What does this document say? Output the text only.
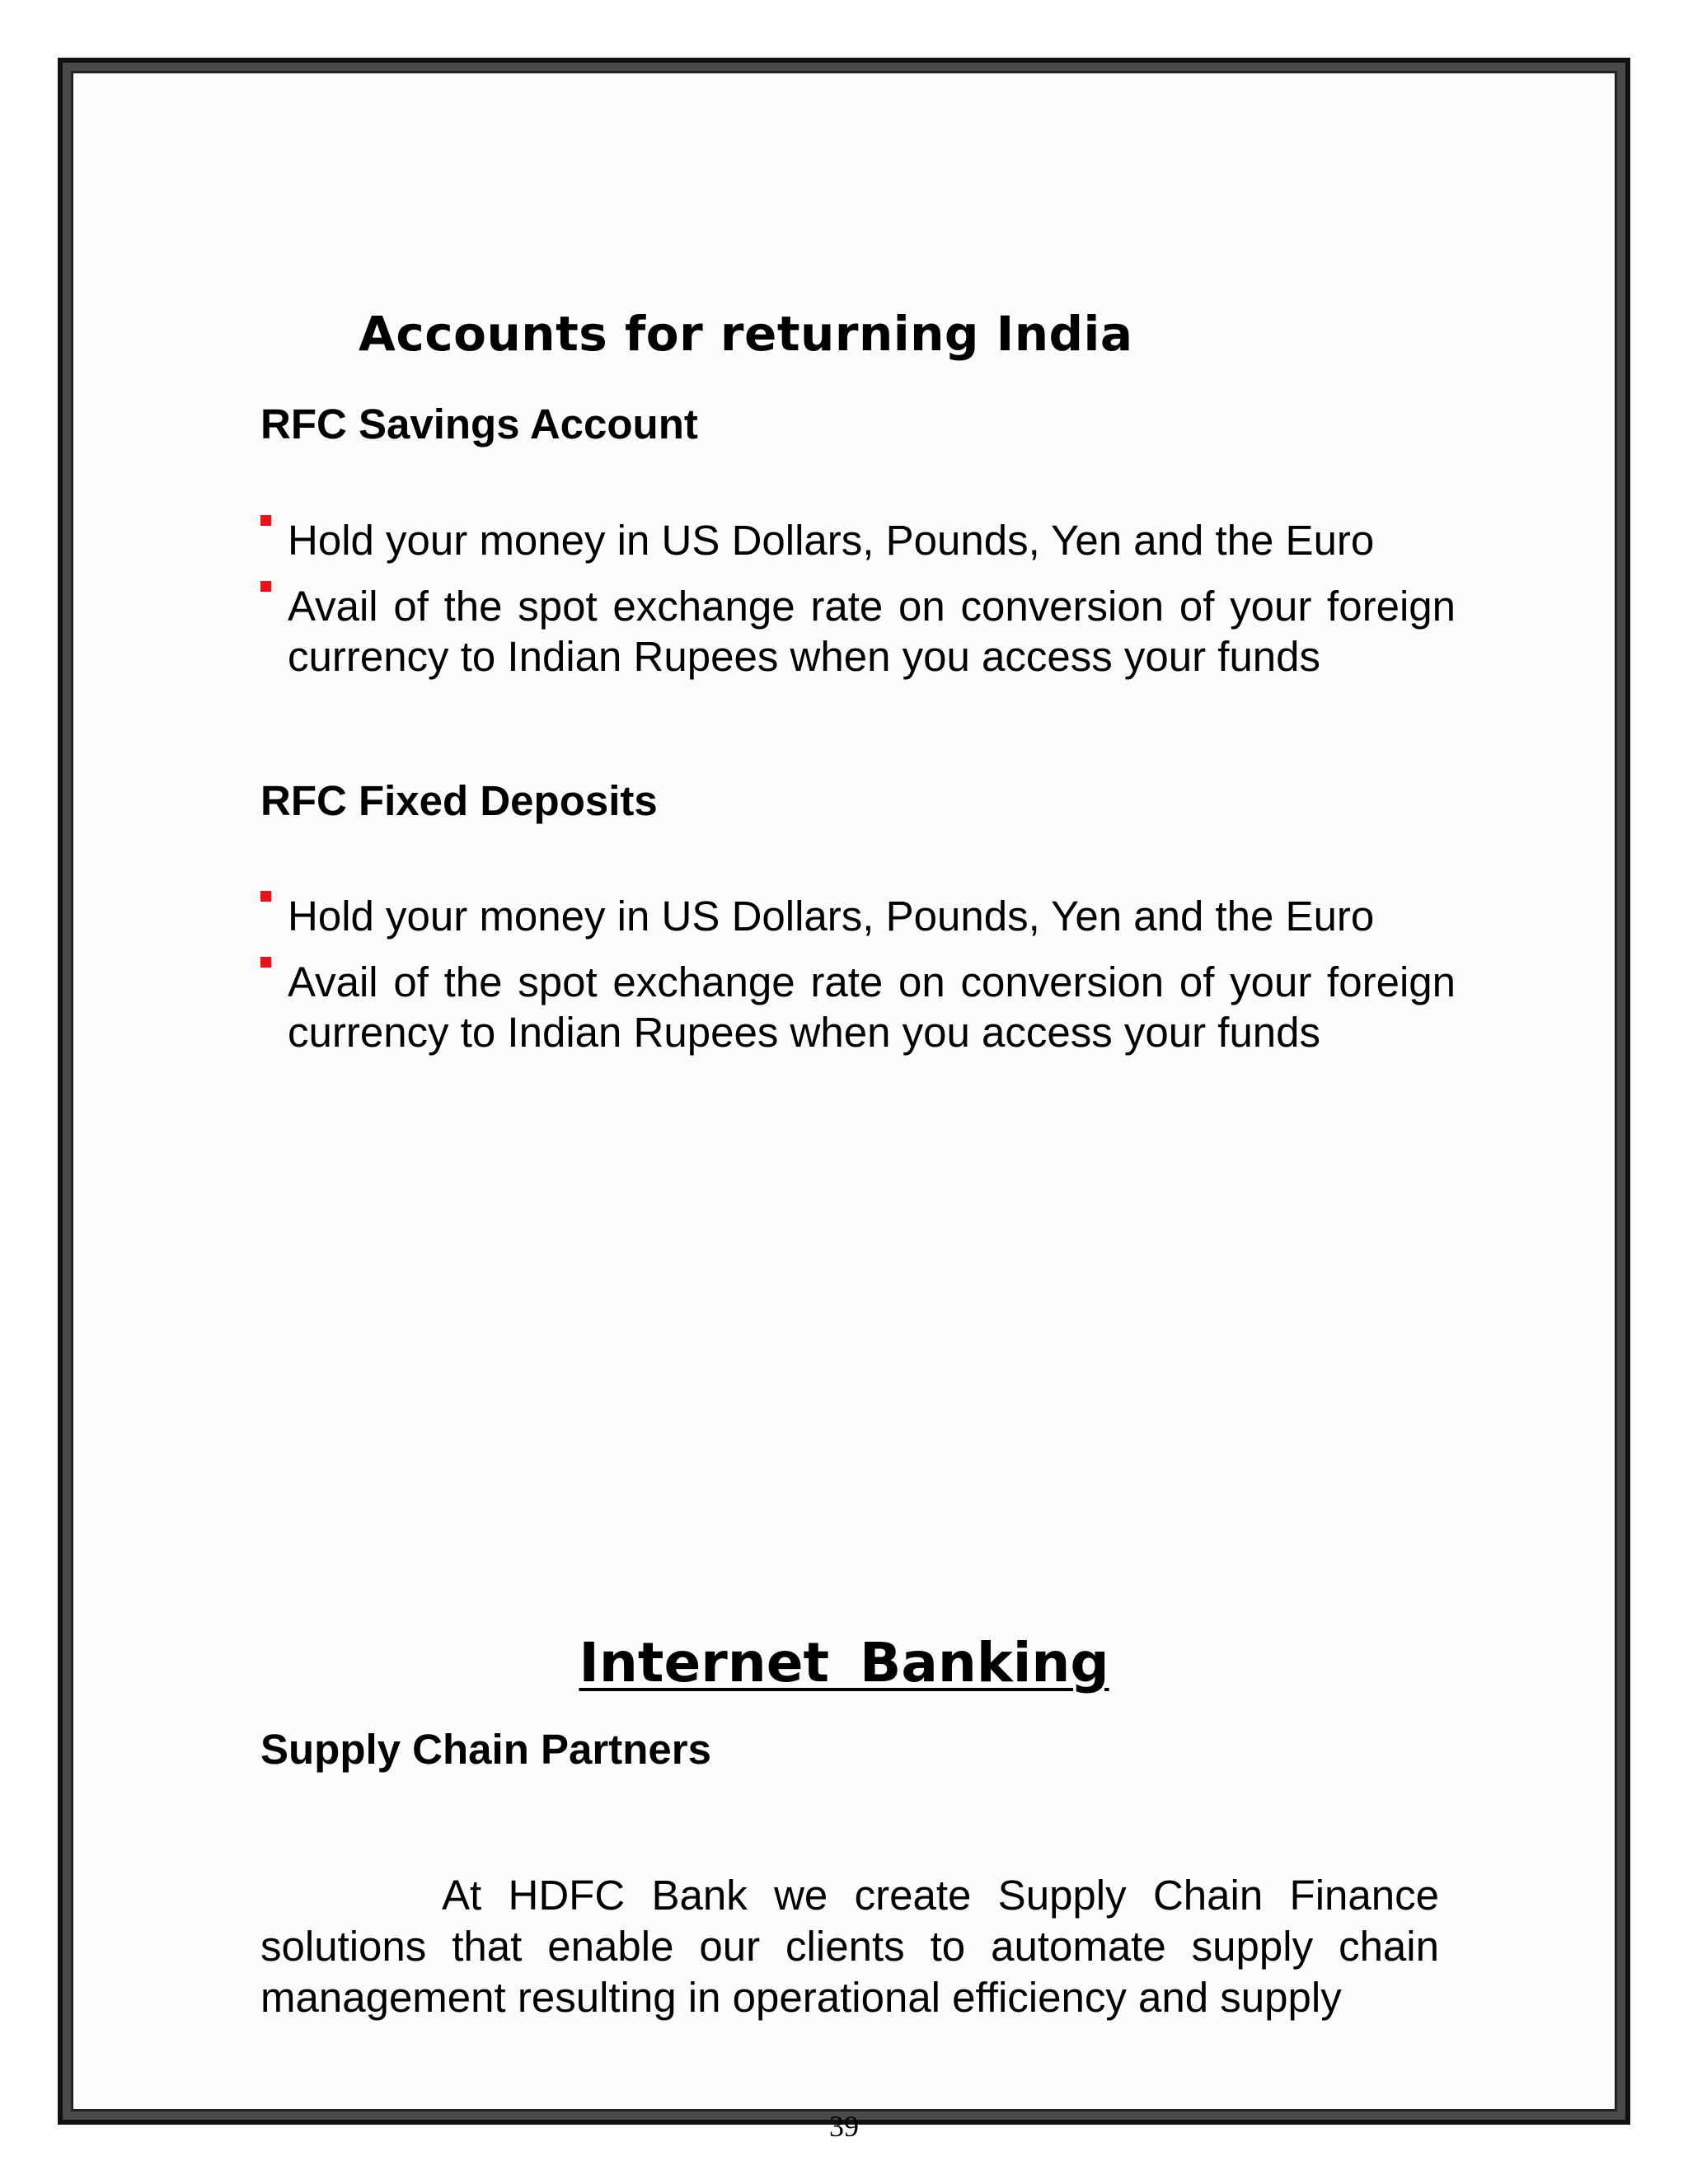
Accounts for returning India
RFC Savings Account
Hold your money in US Dollars, Pounds, Yen and the Euro
Avail of the spot exchange rate on conversion of your foreign currency to Indian Rupees when you access your funds
RFC Fixed Deposits
Hold your money in US Dollars, Pounds, Yen and the Euro
Avail of the spot exchange rate on conversion of your foreign currency to Indian Rupees when you access your funds
Internet Banking
Supply Chain Partners

At HDFC Bank we create Supply Chain Finance solutions that enable our clients to automate supply chain management resulting in operational efficiency and supply

39
